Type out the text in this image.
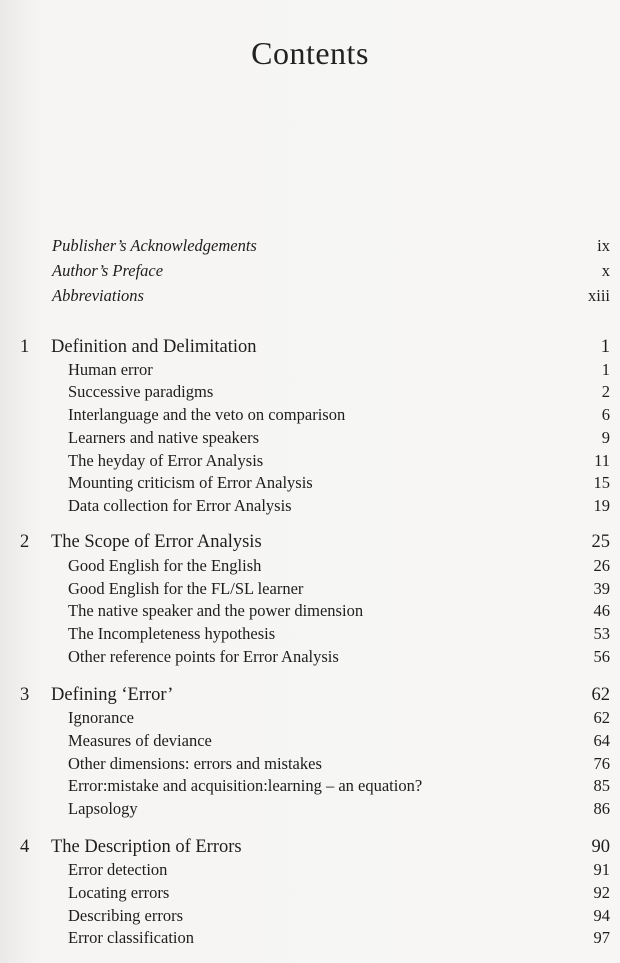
Contents
Publisher’s Acknowledgements	ix
Author’s Preface	x
Abbreviations	xiii
1 Definition and Delimitation	1
Human error	1
Successive paradigms	2
Interlanguage and the veto on comparison	6
Learners and native speakers	9
The heyday of Error Analysis	11
Mounting criticism of Error Analysis	15
Data collection for Error Analysis	19
2 The Scope of Error Analysis	25
Good English for the English	26
Good English for the FL/SL learner	39
The native speaker and the power dimension	46
The Incompleteness hypothesis	53
Other reference points for Error Analysis	56
3 Defining ‘Error’	62
Ignorance	62
Measures of deviance	64
Other dimensions: errors and mistakes	76
Error:mistake and acquisition:learning – an equation?	85
Lapsology	86
4 The Description of Errors	90
Error detection	91
Locating errors	92
Describing errors	94
Error classification	97
